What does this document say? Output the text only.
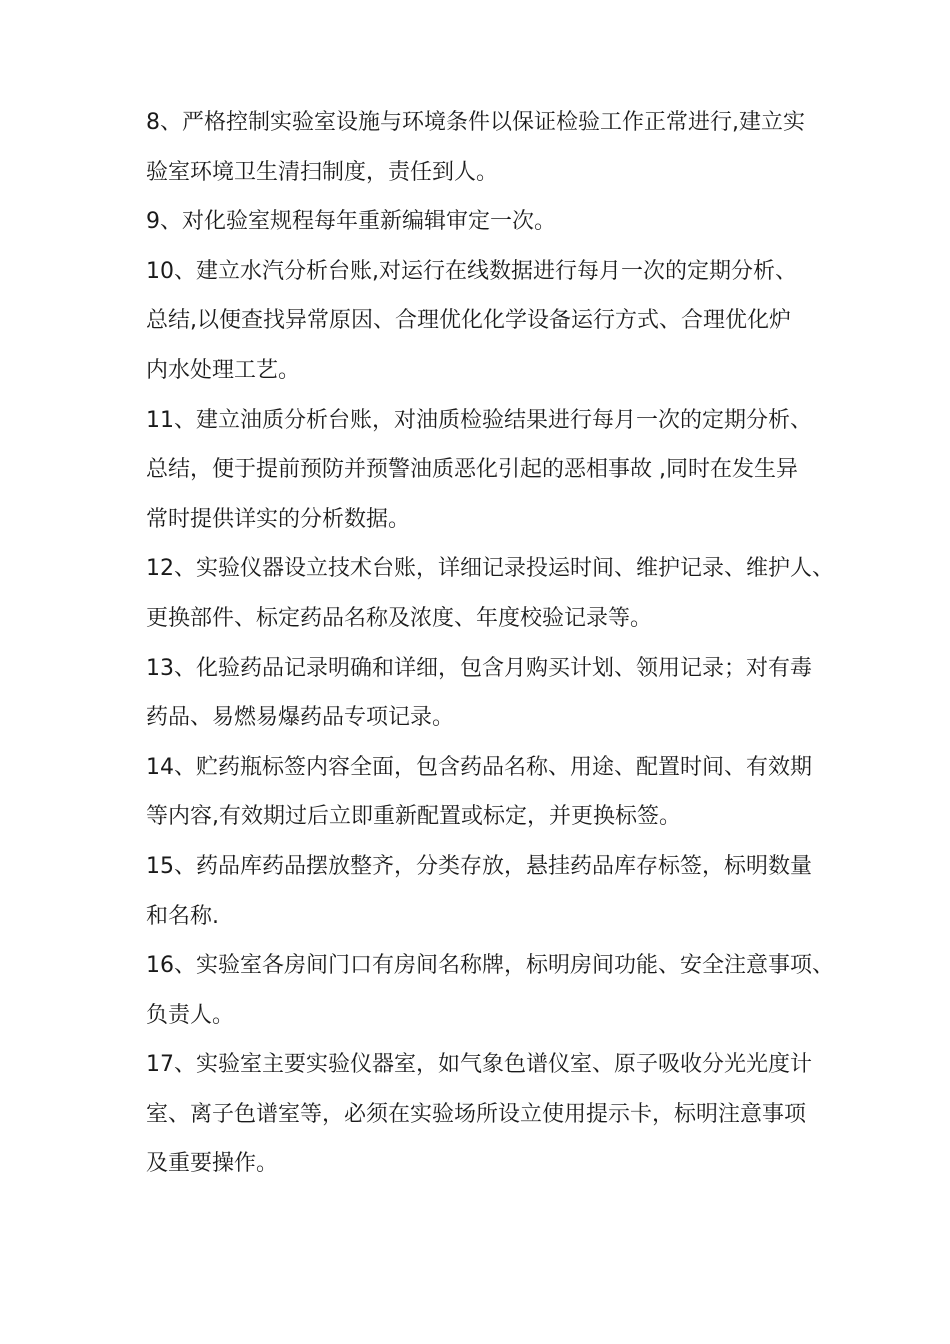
8、严格控制实验室设施与环境条件以保证检验工作正常进行,建立实
验室环境卫生清扫制度，责任到人。
9、对化验室规程每年重新编辑审定一次。
10、建立水汽分析台账,对运行在线数据进行每月一次的定期分析、
总结,以便查找异常原因、合理优化化学设备运行方式、合理优化炉
内水处理工艺。
11、建立油质分析台账，对油质检验结果进行每月一次的定期分析、
总结，便于提前预防并预警油质恶化引起的恶相事故 ,同时在发生异
常时提供详实的分析数据。
12、实验仪器设立技术台账，详细记录投运时间、维护记录、维护人、
更换部件、标定药品名称及浓度、年度校验记录等。
13、化验药品记录明确和详细，包含月购买计划、领用记录；对有毒
药品、易燃易爆药品专项记录。
14、贮药瓶标签内容全面，包含药品名称、用途、配置时间、有效期
等内容,有效期过后立即重新配置或标定，并更换标签。
15、药品库药品摆放整齐，分类存放，悬挂药品库存标签，标明数量
和名称.
16、实验室各房间门口有房间名称牌，标明房间功能、安全注意事项、
负责人。
17、实验室主要实验仪器室，如气象色谱仪室、原子吸收分光光度计
室、离子色谱室等，必须在实验场所设立使用提示卡，标明注意事项
及重要操作。
